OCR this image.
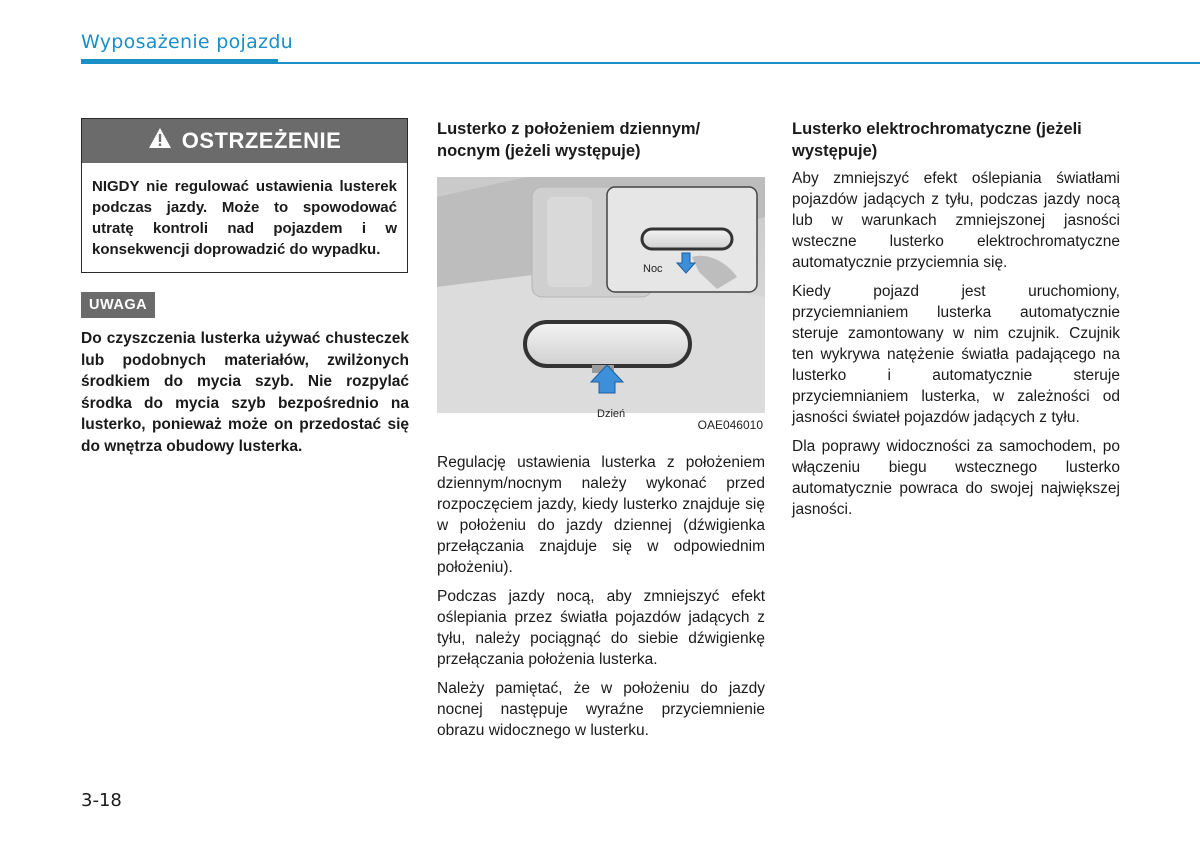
Wyposażenie pojazdu
OSTRZEŻENIE
NIGDY nie regulować ustawienia lusterek podczas jazdy. Może to spowodować utratę kontroli nad pojazdem i w konsekwencji doprowadzić do wypadku.
UWAGA
Do czyszczenia lusterka używać chusteczek lub podobnych materiałów, zwilżonych środkiem do mycia szyb. Nie rozpylać środka do mycia szyb bezpośrednio na lusterko, ponieważ może on przedostać się do wnętrza obudowy lusterka.
Lusterko z położeniem dziennym/ nocnym (jeżeli występuje)
Noc
Dzień
OAE046010

Regulację ustawienia lusterka z położeniem dziennym/nocnym należy wykonać przed rozpoczęciem jazdy, kiedy lusterko znajduje się w położeniu do jazdy dziennej (dźwigienka przełączania znajduje się w odpowiednim położeniu).

Podczas jazdy nocą, aby zmniejszyć efekt oślepiania przez światła pojazdów jadących z tyłu, należy pociągnąć do siebie dźwigienkę przełączania położenia lusterka.

Należy pamiętać, że w położeniu do jazdy nocnej następuje wyraźne przyciemnienie obrazu widocznego w lusterku.

Lusterko elektrochromatyczne (jeżeli występuje)

Aby zmniejszyć efekt oślepiania światłami pojazdów jadących z tyłu, podczas jazdy nocą lub w warunkach zmniejszonej jasności wsteczne lusterko elektrochromatyczne automatycznie przyciemnia się.

Kiedy pojazd jest uruchomiony, przyciemnianiem lusterka automatycznie steruje zamontowany w nim czujnik. Czujnik ten wykrywa natężenie światła padającego na lusterko i automatycznie steruje przyciemnianiem lusterka, w zależności od jasności świateł pojazdów jadących z tyłu.

Dla poprawy widoczności za samochodem, po włączeniu biegu wstecznego lusterko automatycznie powraca do swojej największej jasności.

3-18
